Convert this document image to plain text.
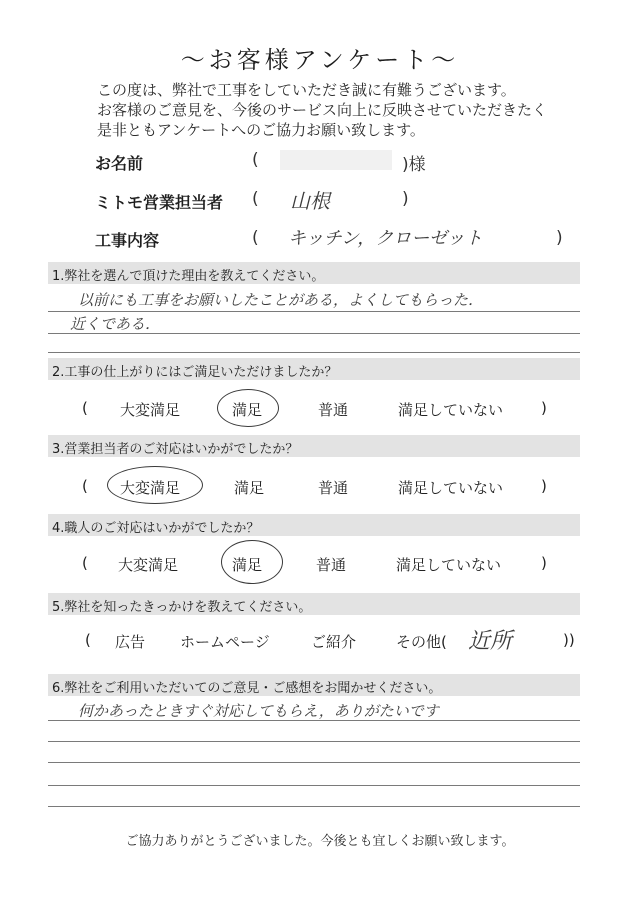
～お客様アンケート～
この度は、弊社で工事をしていただき誠に有難うございます。
お客様のご意見を、今後のサービス向上に反映させていただきたく
是非ともアンケートへのご協力お願い致します。
お名前	(	)様
ミトモ営業担当者 ( 山根	)
工事内容	( キッチン，クローゼット	)
1.弊社を選んで頂けた理由を教えてください。
以前にも工事をお願いしたことがある，よくしてもらった．
近くである．
2.工事の仕上がりにはご満足いただけましたか？
( 大変満足	満足	普通	満足していない	)
3.営業担当者のご対応はいかがでしたか？
( 大変満足	満足	普通	満足していない	)
4.職人のご対応はいかがでしたか？
( 大変満足	満足	普通	満足していない	)
5.弊社を知ったきっかけを教えてください。
( 広告 ホームページ	ご紹介	その他( 近所	))
6.弊社をご利用いただいてのご意見・ご感想をお聞かせください。
何かあったときすぐ対応してもらえ，ありがたいです
ご協力ありがとうございました。今後とも宜しくお願い致します。
